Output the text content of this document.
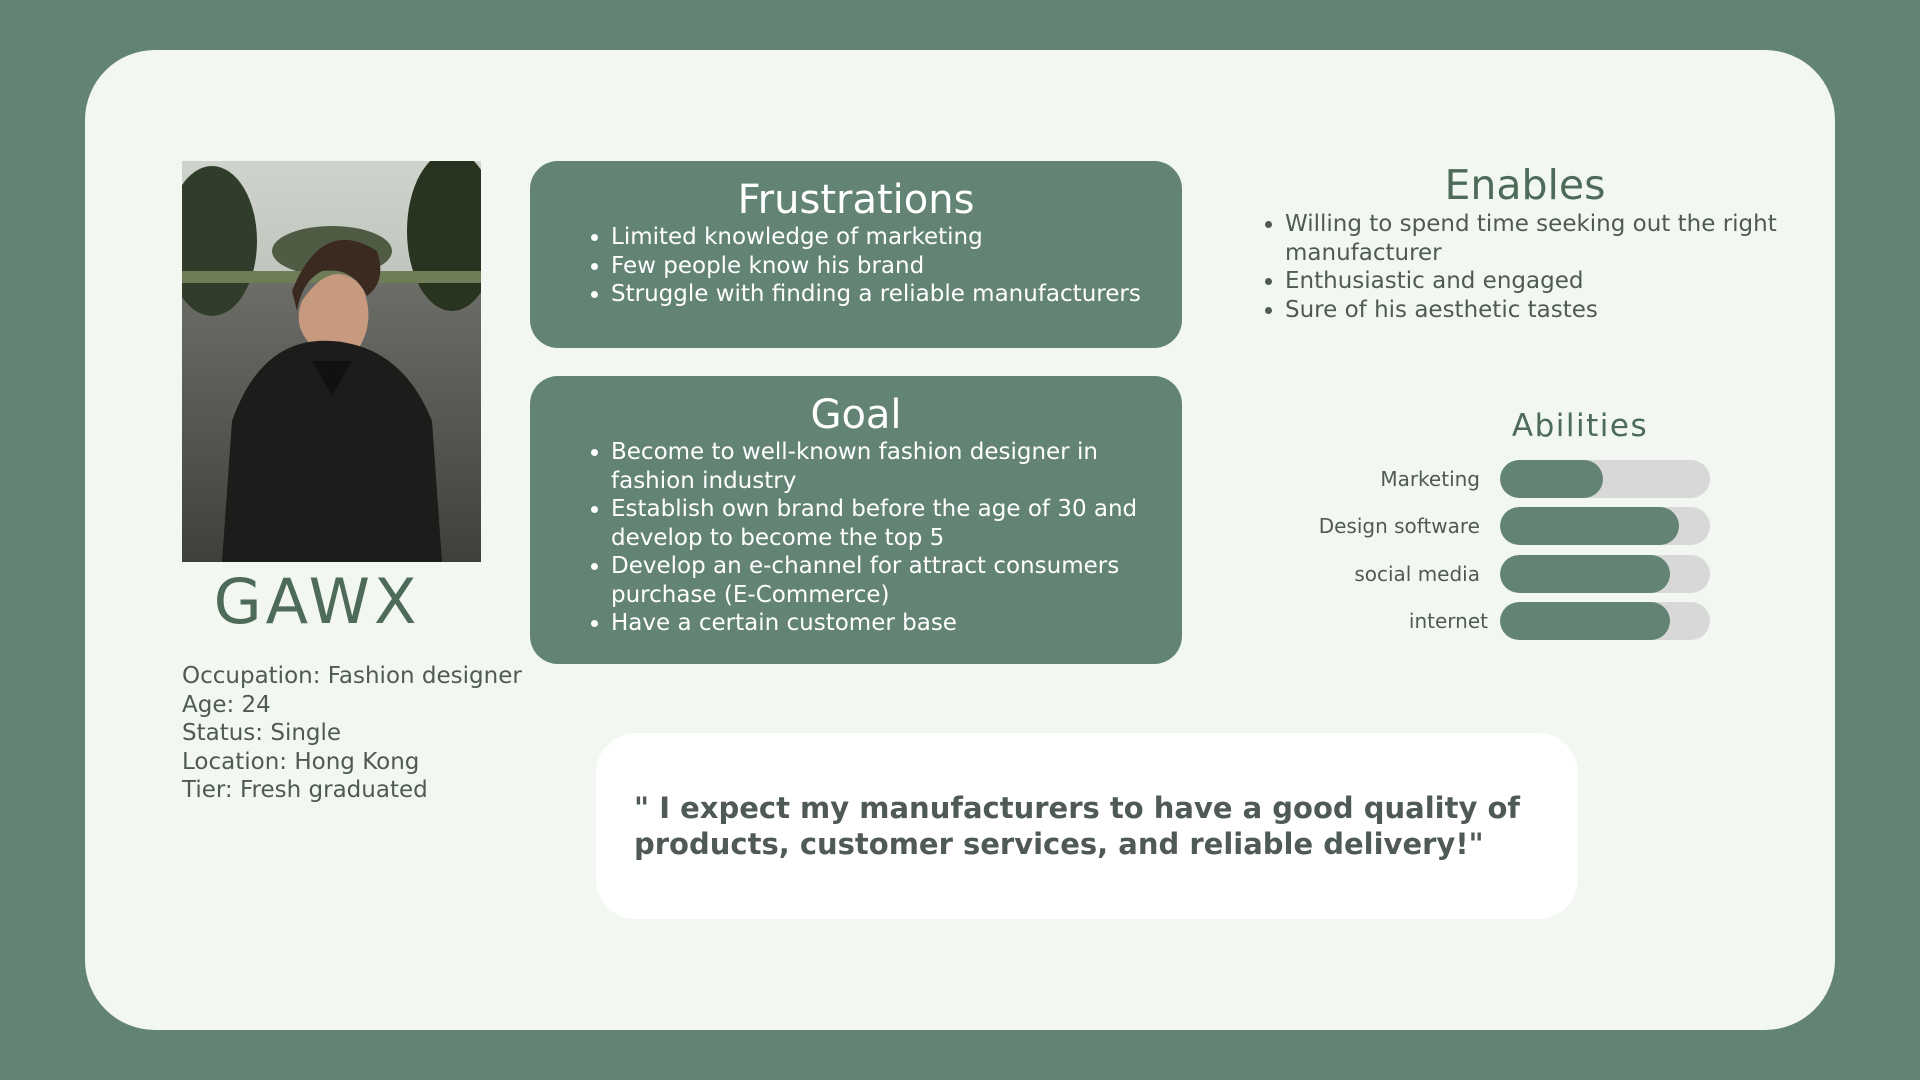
GAWX
Occupation: Fashion designer
Age: 24
Status: Single
Location: Hong Kong
Tier: Fresh graduated
Frustrations
• Limited knowledge of marketing
• Few people know his brand
• Struggle with finding a reliable manufacturers
Goal
• Become to well-known fashion designer in fashion industry
• Establish own brand before the age of 30 and develop to become the top 5
• Develop an e-channel for attract consumers purchase (E-Commerce)
• Have a certain customer base
Enables
• Willing to spend time seeking out the right manufacturer
• Enthusiastic and engaged
• Sure of his aesthetic tastes
Abilities
Marketing
Design software
social media
internet
" I expect my manufacturers to have a good quality of products, customer services, and reliable delivery!"
